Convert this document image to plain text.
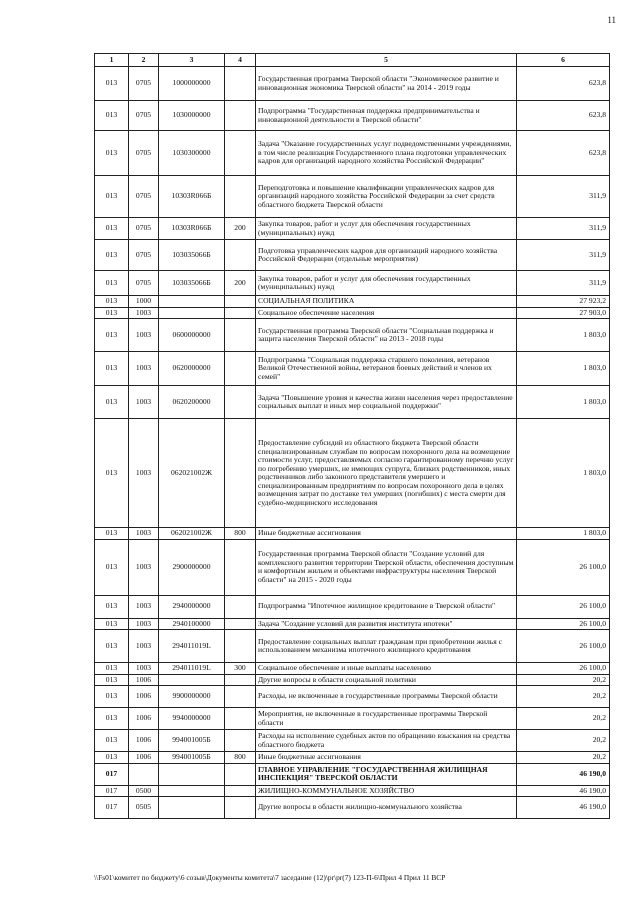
11
1	2	3	4	5	6
013	0705	1000000000		Государственная программа Тверской области "Экономическое развитие и инновационная экономика Тверской области" на 2014 - 2019 годы	623,8
013	0705	1030000000		Подпрограмма "Государственная поддержка предпринимательства и инновационной деятельности в Тверской области"	623,8
013	0705	1030300000		Задача "Оказание государственных услуг подведомственными учреждениями, в том числе реализация Государственного плана подготовки управленческих кадров для организаций народного хозяйства Российской Федерации"	623,8
013	0705	10303R066Б		Переподготовка и повышение квалификации управленческих кадров для организаций народного хозяйства Российской Федерации за счет средств областного бюджета Тверской области	311,9
013	0705	10303R066Б	200	Закупка товаров, работ и услуг для обеспечения государственных (муниципальных) нужд	311,9
013	0705	103035066Б		Подготовка управленческих кадров для организаций народного хозяйства Российской Федерации (отдельные мероприятия)	311,9
013	0705	103035066Б	200	Закупка товаров, работ и услуг для обеспечения государственных (муниципальных) нужд	311,9
013	1000			СОЦИАЛЬНАЯ ПОЛИТИКА	27 923,2
013	1003			Социальное обеспечение населения	27 903,0
013	1003	0600000000		Государственная программа Тверской области "Социальная поддержка и защита населения Тверской области" на 2013 - 2018 годы	1 803,0
013	1003	0620000000		Подпрограмма "Социальная поддержка старшего поколения, ветеранов Великой Отечественной войны, ветеранов боевых действий и членов их семей"	1 803,0
013	1003	0620200000		Задача "Повышение уровня и качества жизни населения через предоставление социальных выплат и иных мер социальной поддержки"	1 803,0
013	1003	062021002Ж		Предоставление субсидий из областного бюджета Тверской области специализированным службам по вопросам похоронного дела на возмещение стоимости услуг, предоставляемых согласно гарантированному перечню услуг по погребению умерших, не имеющих супруга, близких родственников, иных родственников либо законного представителя умершего и специализированным предприятиям по вопросам похоронного дела в целях возмещения затрат по доставке тел умерших (погибших) с места смерти для судебно-медицинского исследования	1 803,0
013	1003	062021002Ж	800	Иные бюджетные ассигнования	1 803,0
013	1003	2900000000		Государственная программа Тверской области "Создание условий для комплексного развития территории Тверской области, обеспечения доступным и комфортным жильем и объектами инфраструктуры населения Тверской области" на 2015 - 2020 годы	26 100,0
013	1003	2940000000		Подпрограмма "Ипотечное жилищное кредитование в Тверской области"	26 100,0
013	1003	2940100000		Задача "Создание условий для развития института ипотеки"	26 100,0
013	1003	294011019L		Предоставление социальных выплат гражданам при приобретении жилья с использованием механизма ипотечного жилищного кредитования	26 100,0
013	1003	294011019L	300	Социальное обеспечение и иные выплаты населению	26 100,0
013	1006			Другие вопросы в области социальной политики	20,2
013	1006	9900000000		Расходы, не включенные в государственные программы Тверской области	20,2
013	1006	9940000000		Мероприятия, не включенные в государственные программы Тверской области	20,2
013	1006	994001005Б		Расходы на исполнение судебных актов по обращению взыскания на средства областного бюджета	20,2
013	1006	994001005Б	800	Иные бюджетные ассигнования	20,2
017				ГЛАВНОЕ УПРАВЛЕНИЕ "ГОСУДАРСТВЕННАЯ ЖИЛИЩНАЯ ИНСПЕКЦИЯ" ТВЕРСКОЙ ОБЛАСТИ	46 190,0
017	0500			ЖИЛИЩНО-КОММУНАЛЬНОЕ ХОЗЯЙСТВО	46 190,0
017	0505			Другие вопросы в области жилищно-коммунального хозяйства	46 190,0
\\Fs01\комитет по бюджету\6 созыв\Документы комитета\7 заседание (12)\pr\pr(7) 123-П-6\Прил 4 Прил 11 ВСР
